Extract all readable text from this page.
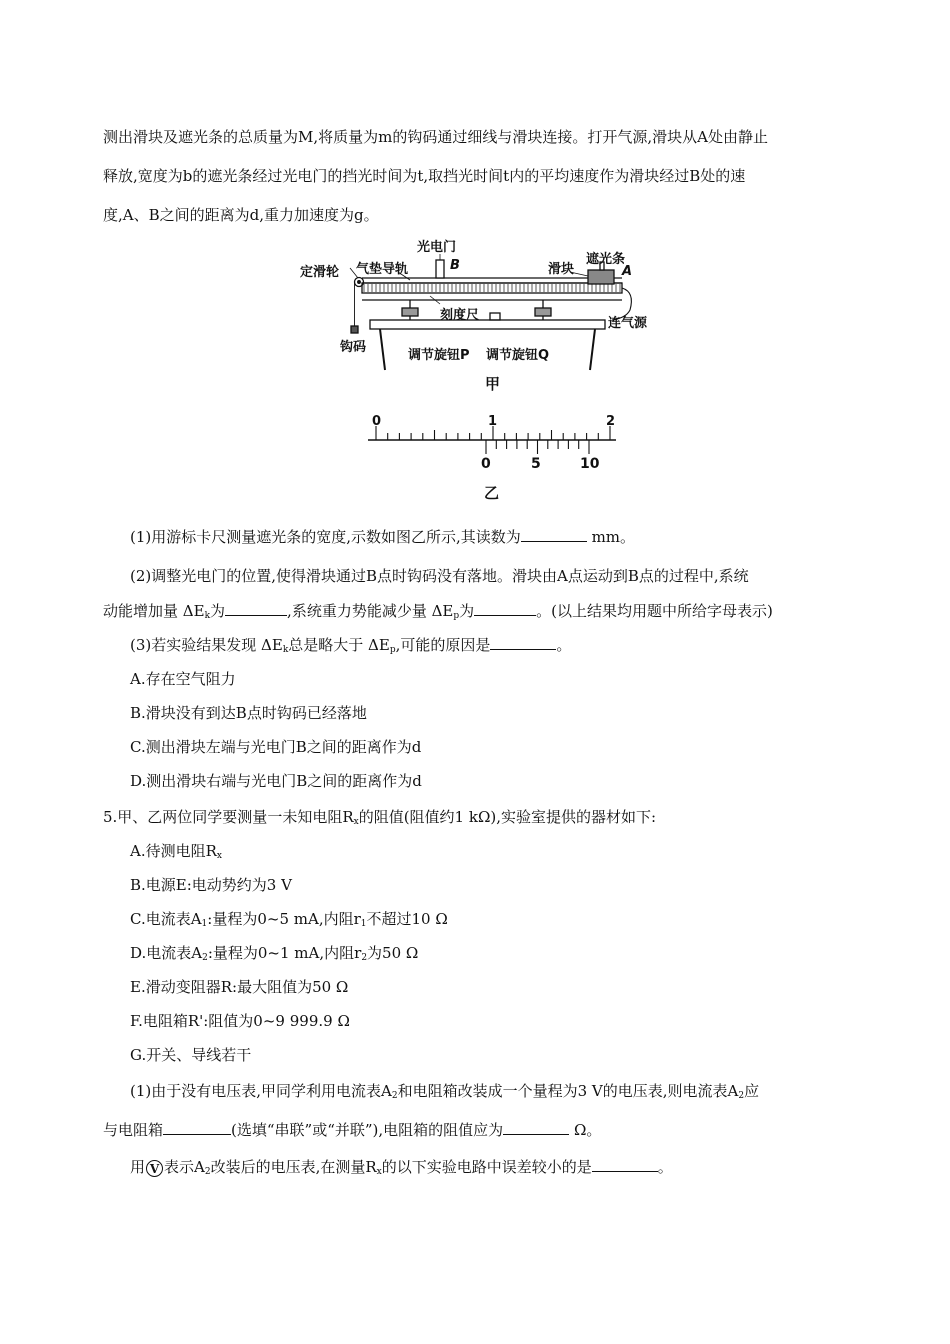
测出滑块及遮光条的总质量为M,将质量为m的钩码通过细线与滑块连接。打开气源,滑块从A处由静止
释放,宽度为b的遮光条经过光电门的挡光时间为t,取挡光时间t内的平均速度作为滑块经过B处的速
度,A、B之间的距离为d,重力加速度为g。
定滑轮
光电门
B
气垫导轨	滑块
遮光条
A
刻度尺
连气源
钩码
调节旋钮P 调节旋钮Q
甲
0	1	2
0	5	10
乙
(1)用游标卡尺测量遮光条的宽度,示数如图乙所示,其读数为	mm。
(2)调整光电门的位置,使得滑块通过B点时钩码没有落地。滑块由A点运动到B点的过程中,系统
动能增加量 $\Delta E_k$为	,系统重力势能减少量 $\Delta E_p$为	。(以上结果均用题中所给字母表示)
(3)若实验结果发现 $\Delta E_k$总是略大于 $\Delta E_p$,可能的原因是	。
A.存在空气阻力
B.滑块没有到达B点时钩码已经落地
C.测出滑块左端与光电门B之间的距离作为d
D.测出滑块右端与光电门B之间的距离作为d
5.甲、乙两位同学要测量一未知电阻$R_x$的阻值(阻值约1 kΩ),实验室提供的器材如下:
A.待测电阻$R_x$
B.电源E:电动势约为3 V
C.电流表$A_1$:量程为0~5 mA,内阻$r_1$不超过10 Ω
D.电流表$A_2$:量程为0~1 mA,内阻$r_2$为50 Ω
E.滑动变阻器R:最大阻值为50 Ω
F.电阻箱R':阻值为0~9 999.9 Ω
G.开关、导线若干
(1)由于没有电压表,甲同学利用电流表$A_2$和电阻箱改装成一个量程为3 V的电压表,则电流表$A_2$应
与电阻箱	(选填“串联”或“并联”),电阻箱的阻值应为	Ω。
用 V 表示$A_2$改装后的电压表,在测量$R_x$的以下实验电路中误差较小的是	。
